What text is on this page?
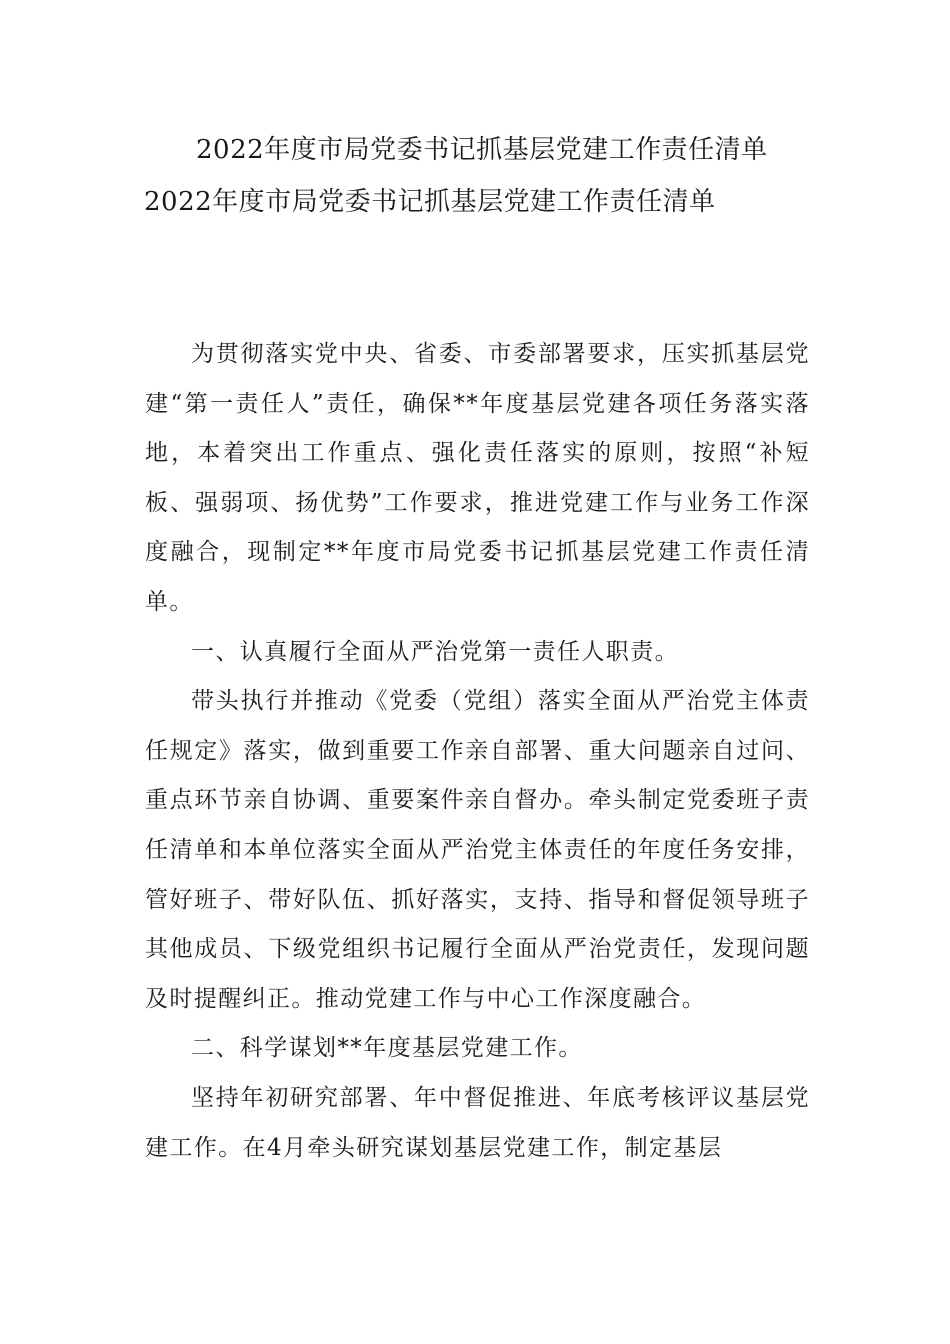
2022年度市局党委书记抓基层党建工作责任清单
2022年度市局党委书记抓基层党建工作责任清单

为贯彻落实党中央、省委、市委部署要求，压实抓基层党建“第一责任人”责任，确保**年度基层党建各项任务落实落地，本着突出工作重点、强化责任落实的原则，按照“补短板、强弱项、扬优势”工作要求，推进党建工作与业务工作深度融合，现制定**年度市局党委书记抓基层党建工作责任清单。

一、认真履行全面从严治党第一责任人职责。

带头执行并推动《党委（党组）落实全面从严治党主体责任规定》落实，做到重要工作亲自部署、重大问题亲自过问、重点环节亲自协调、重要案件亲自督办。牵头制定党委班子责任清单和本单位落实全面从严治党主体责任的年度任务安排，管好班子、带好队伍、抓好落实，支持、指导和督促领导班子其他成员、下级党组织书记履行全面从严治党责任，发现问题及时提醒纠正。推动党建工作与中心工作深度融合。

二、科学谋划**年度基层党建工作。

坚持年初研究部署、年中督促推进、年底考核评议基层党建工作。在4月牵头研究谋划基层党建工作，制定基层
